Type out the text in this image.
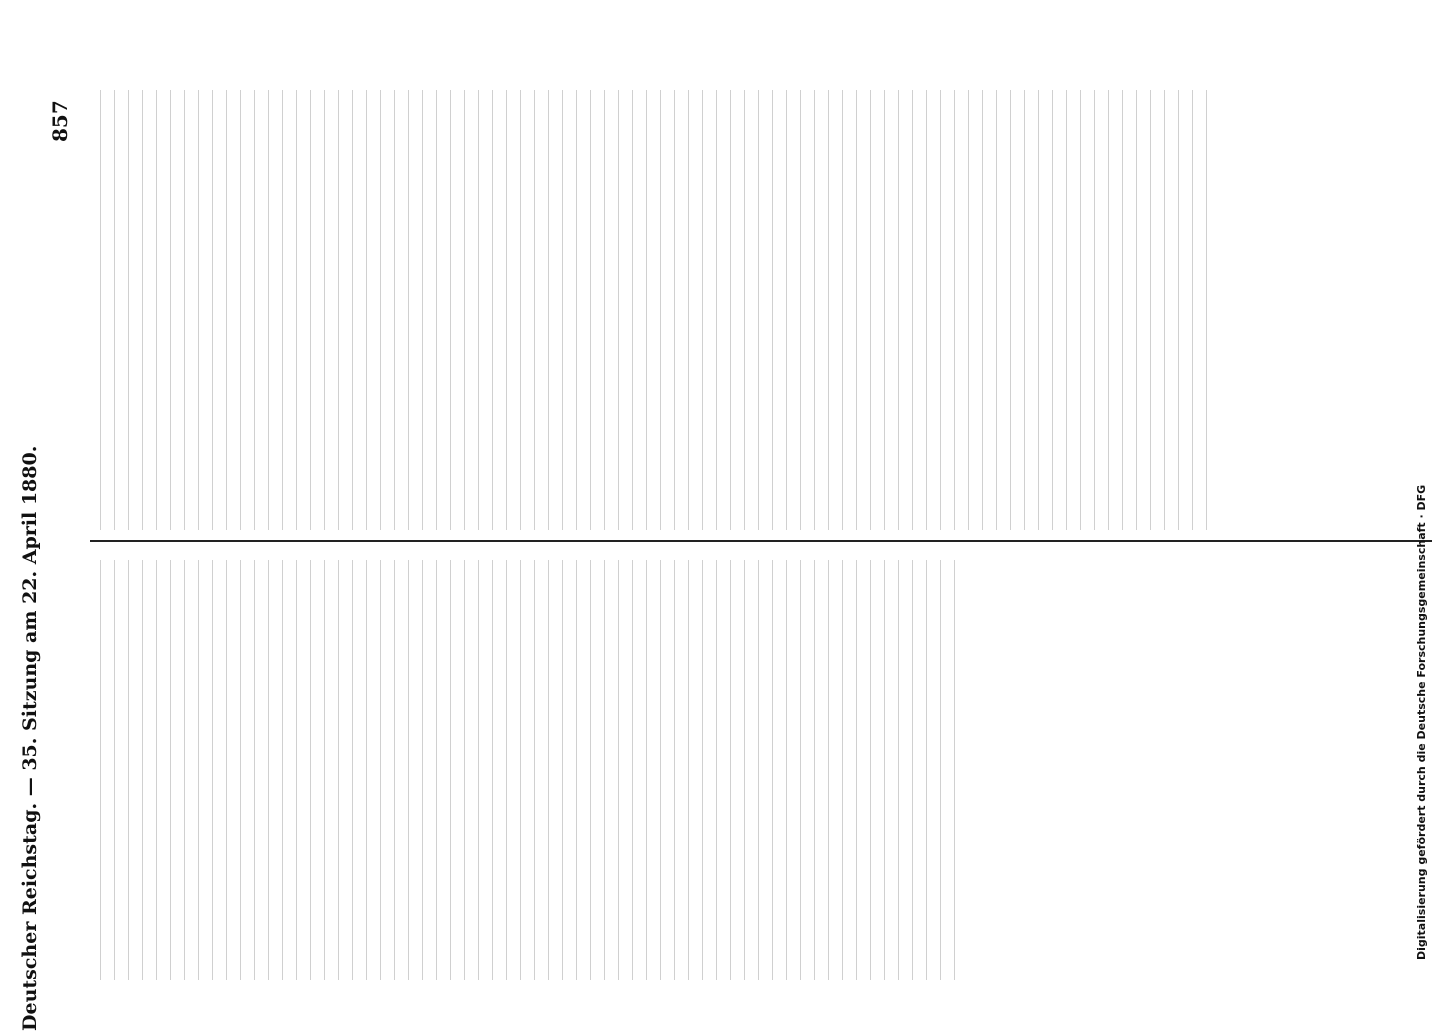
Deutscher Reichstag. — 35. Sitzung am 22. April 1880.
857
Digitalisierung gefördert durch die Deutsche Forschungsgemeinschaft · DFG
